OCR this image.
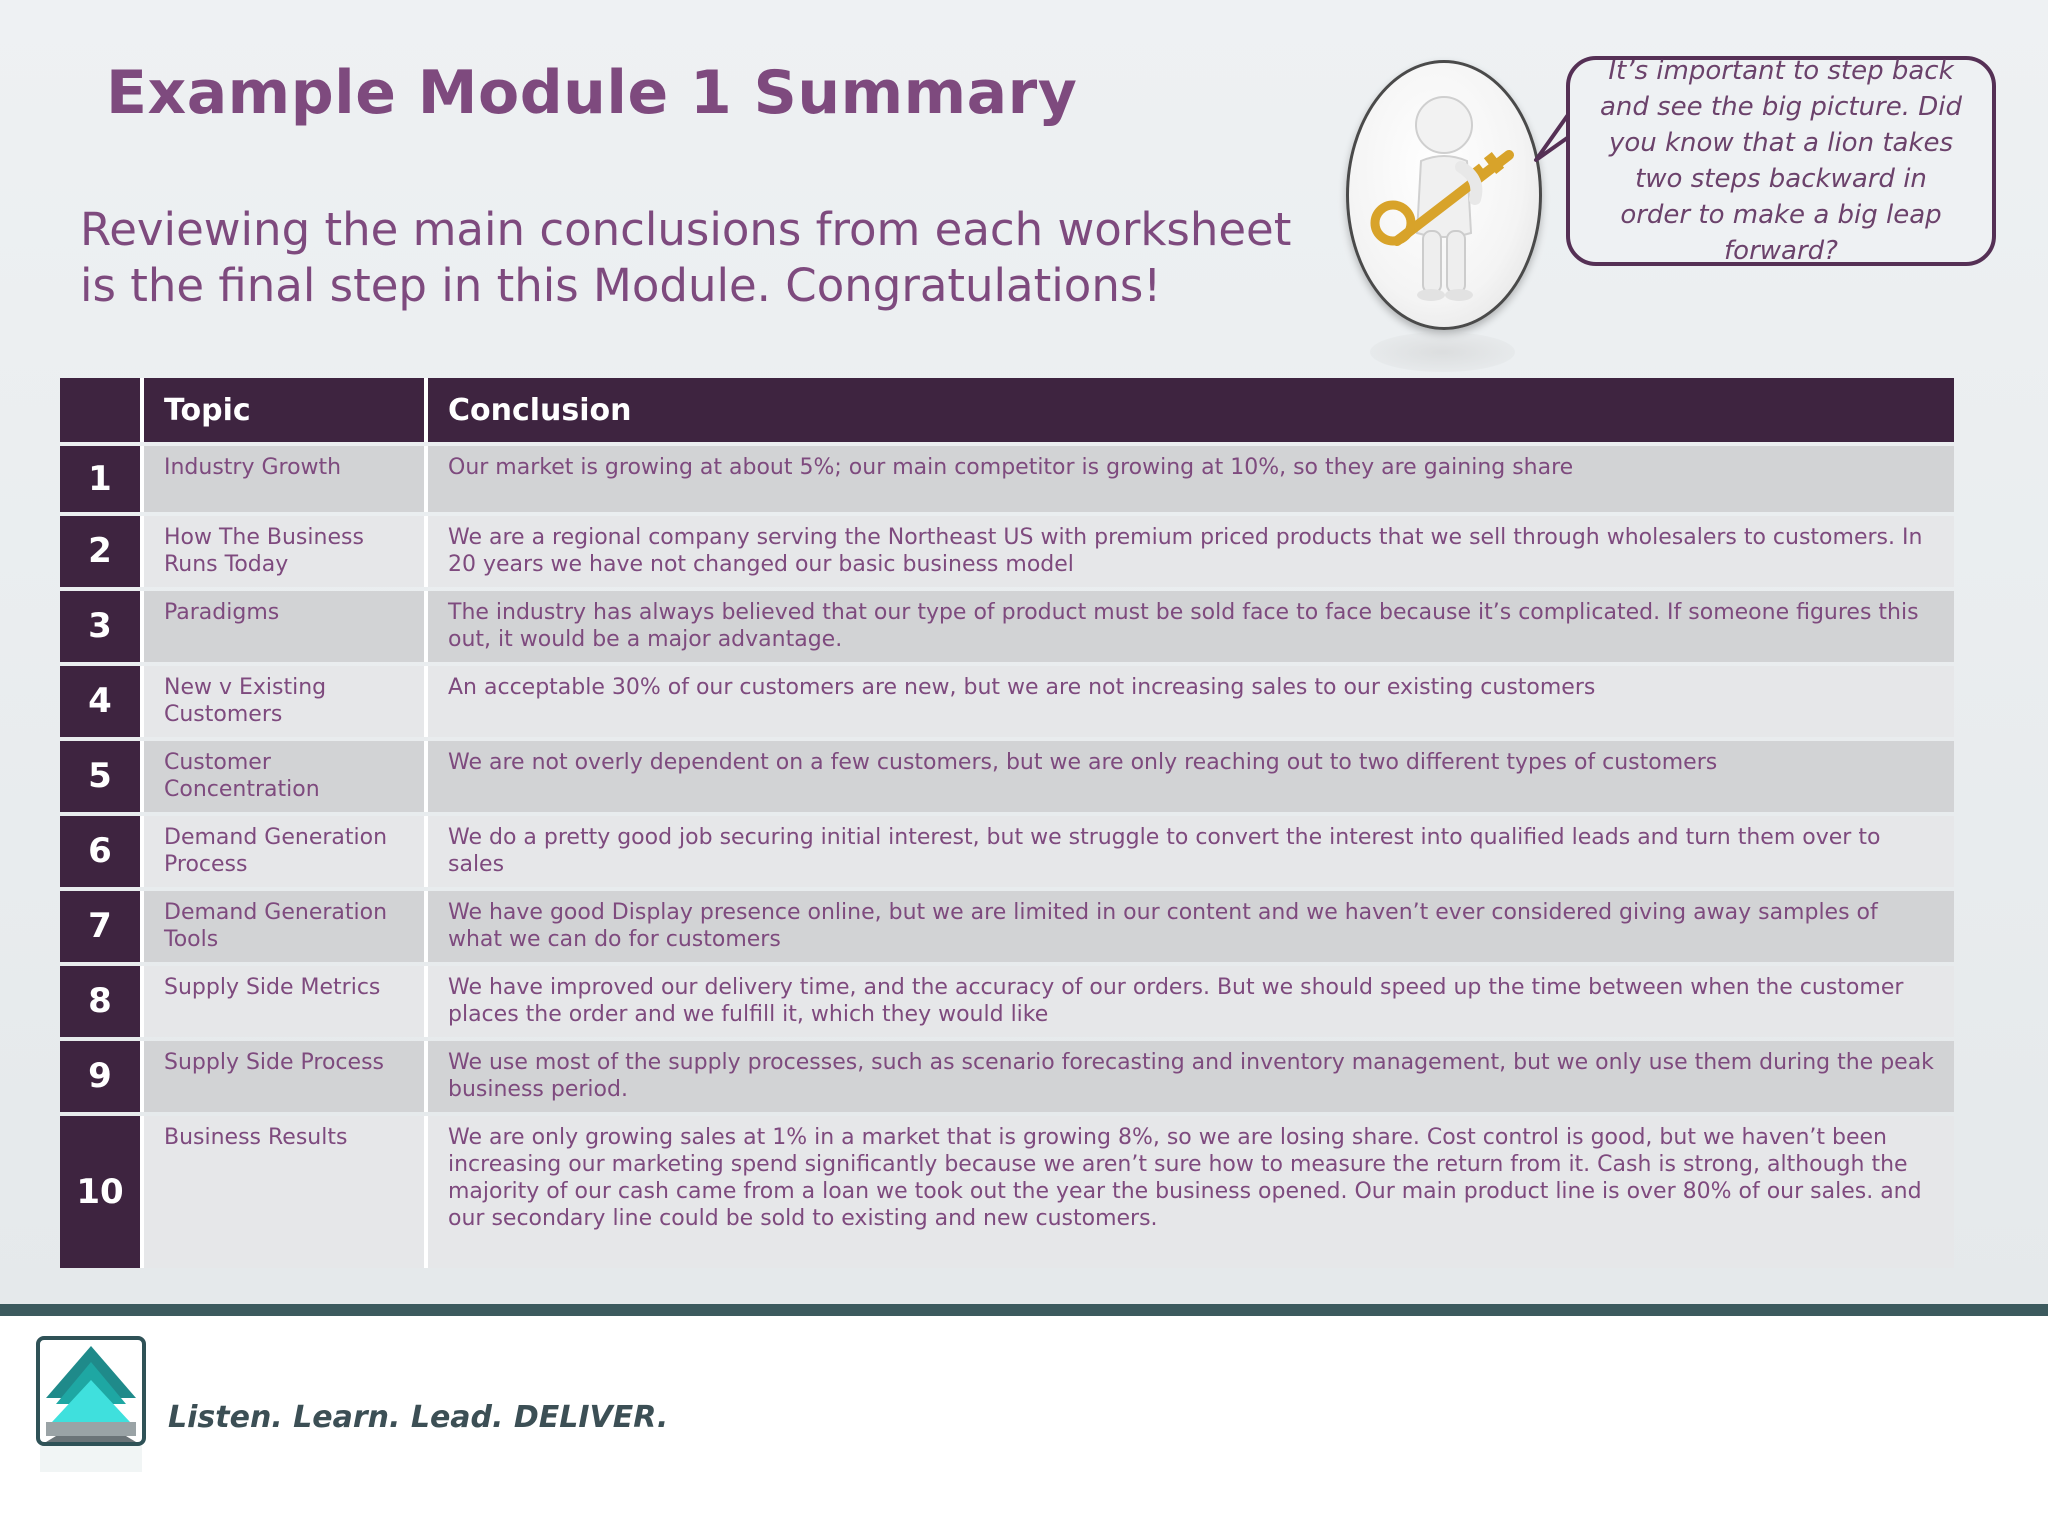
Example Module 1 Summary
Reviewing the main conclusions from each worksheet is the final step in this Module. Congratulations!
It’s important to step back and see the big picture. Did you know that a lion takes two steps backward in order to make a big leap forward?
	Topic	Conclusion
1	Industry Growth	Our market is growing at about 5%; our main competitor is growing at 10%, so they are gaining share
2	How The Business Runs Today	We are a regional company serving the Northeast US with premium priced products that we sell through wholesalers to customers. In 20 years we have not changed our basic business model
3	Paradigms	The industry has always believed that our type of product must be sold face to face because it’s complicated. If someone figures this out, it would be a major advantage.
4	New v Existing Customers	An acceptable 30% of our customers are new, but we are not increasing sales to our existing customers
5	Customer Concentration	We are not overly dependent on a few customers, but we are only reaching out to two different types of customers
6	Demand Generation Process	We do a pretty good job securing initial interest, but we struggle to convert the interest into qualified leads and turn them over to sales
7	Demand Generation Tools	We have good Display presence online, but we are limited in our content and we haven’t ever considered giving away samples of what we can do for customers
8	Supply Side Metrics	We have improved our delivery time, and the accuracy of our orders. But we should speed up the time between when the customer places the order and we fulfill it, which they would like
9	Supply Side Process	We use most of the supply processes, such as scenario forecasting and inventory management, but we only use them during the peak business period.
10	Business Results	We are only growing sales at 1% in a market that is growing 8%, so we are losing share. Cost control is good, but we haven’t been increasing our marketing spend significantly because we aren’t sure how to measure the return from it. Cash is strong, although the majority of our cash came from a loan we took out the year the business opened. Our main product line is over 80% of our sales. and our secondary line could be sold to existing and new customers.

Listen. Learn. Lead. DELIVER.
